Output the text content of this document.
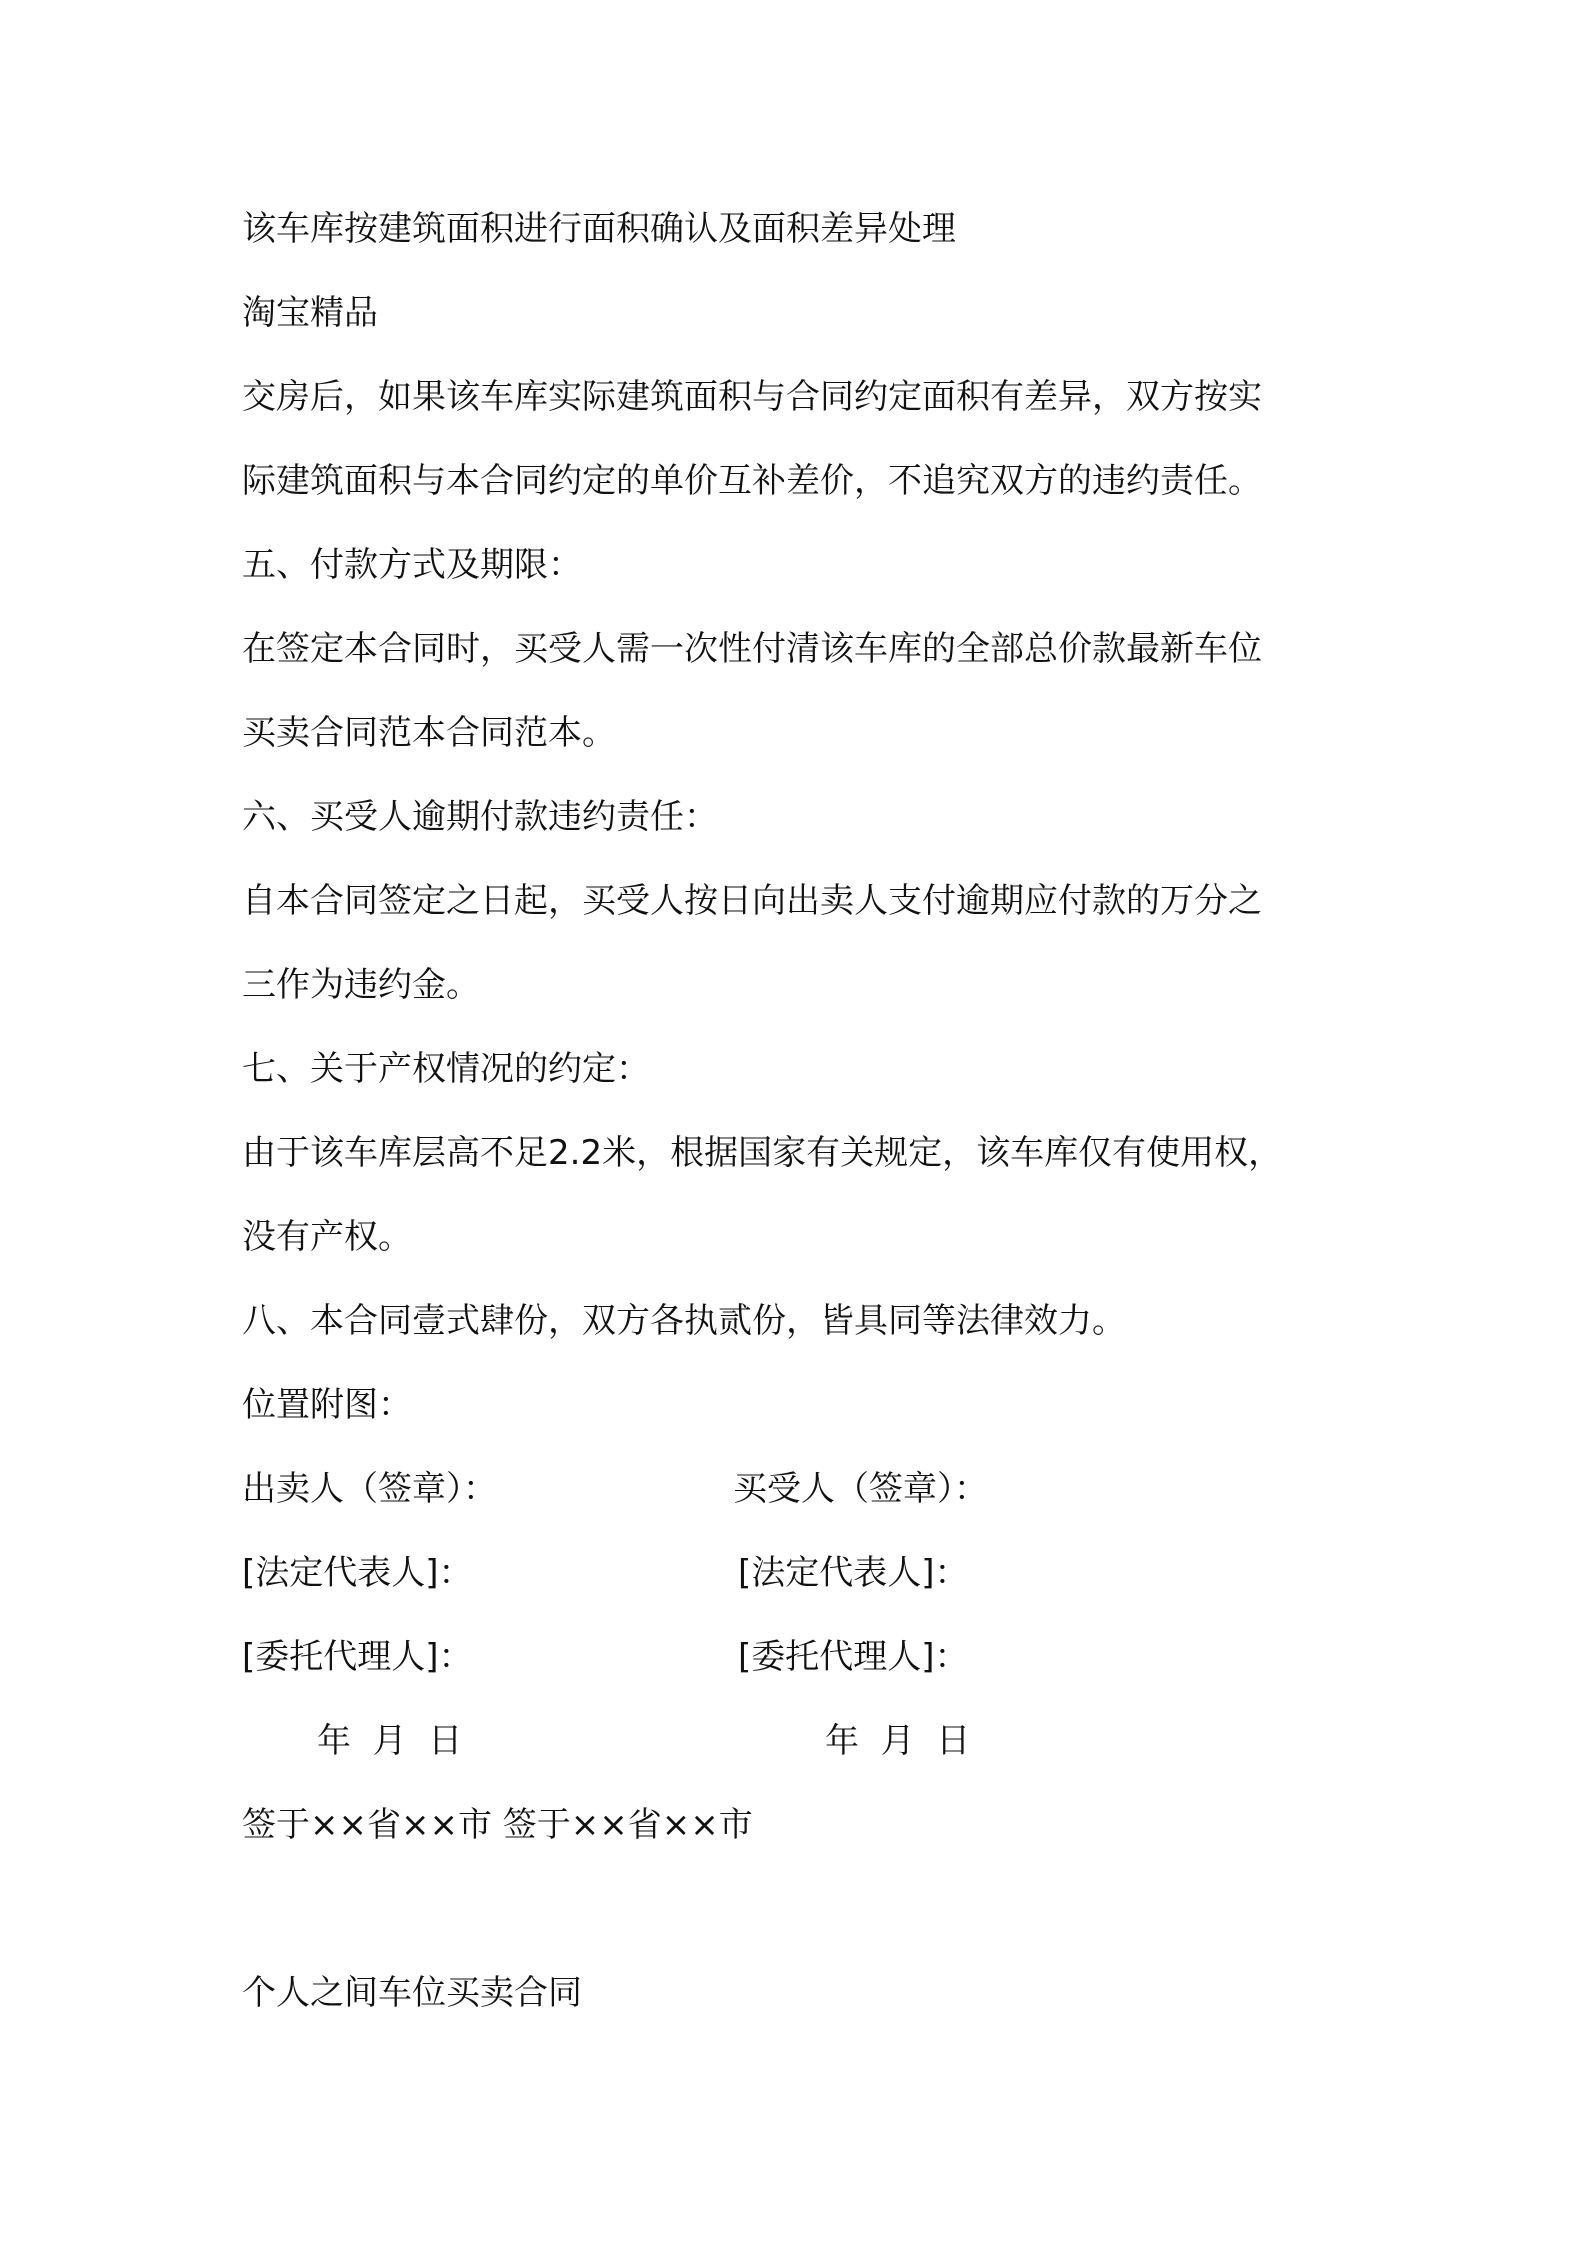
该车库按建筑面积进行面积确认及面积差异处理
淘宝精品
交房后，如果该车库实际建筑面积与合同约定面积有差异，双方按实
际建筑面积与本合同约定的单价互补差价，不追究双方的违约责任。
五、付款方式及期限：
在签定本合同时，买受人需一次性付清该车库的全部总价款最新车位
买卖合同范本合同范本。
六、买受人逾期付款违约责任：
自本合同签定之日起，买受人按日向出卖人支付逾期应付款的万分之
三作为违约金。
七、关于产权情况的约定：
由于该车库层高不足2.2米，根据国家有关规定，该车库仅有使用权，
没有产权。
八、本合同壹式肆份，双方各执贰份，皆具同等法律效力。
位置附图：
出卖人（签章）：	买受人（签章）：
[法定代表人]：	[法定代表人]：
[委托代理人]：	[委托代理人]：
年  月  日	年  月  日
签于××省××市 签于××省××市
个人之间车位买卖合同
